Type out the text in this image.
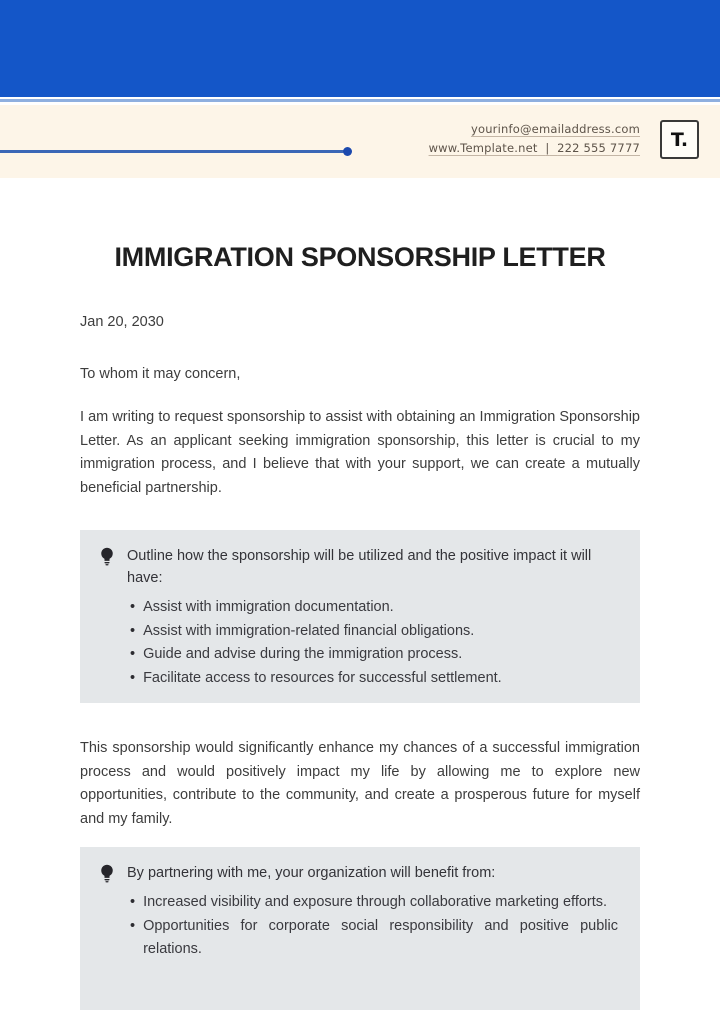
yourinfo@emailaddress.com
www.Template.net | 222 555 7777 T.
IMMIGRATION SPONSORSHIP LETTER
Jan 20, 2030
To whom it may concern,

I am writing to request sponsorship to assist with obtaining an Immigration Sponsorship Letter. As an applicant seeking immigration sponsorship, this letter is crucial to my immigration process, and I believe that with your support, we can create a mutually beneficial partnership.

Outline how the sponsorship will be utilized and the positive impact it will have:
• Assist with immigration documentation.
• Assist with immigration-related financial obligations.
• Guide and advise during the immigration process.
• Facilitate access to resources for successful settlement.

This sponsorship would significantly enhance my chances of a successful immigration process and would positively impact my life by allowing me to explore new opportunities, contribute to the community, and create a prosperous future for myself and my family.

By partnering with me, your organization will benefit from:
• Increased visibility and exposure through collaborative marketing efforts.
• Opportunities for corporate social responsibility and positive public relations.
